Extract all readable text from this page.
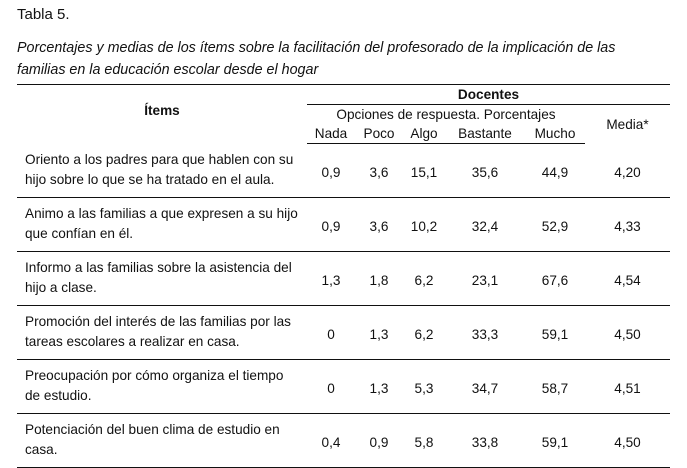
Tabla 5.
Porcentajes y medias de los ítems sobre la facilitación del profesorado de la implicación de las familias en la educación escolar desde el hogar
Ítems	Docentes					
	Opciones de respuesta. Porcentajes					Media*
	Nada	Poco	Algo	Bastante	Mucho	
Oriento a los padres para que hablen con su hijo sobre lo que se ha tratado en el aula.	0,9	3,6	15,1	35,6	44,9	4,20
Animo a las familias a que expresen a su hijo que confían en él.	0,9	3,6	10,2	32,4	52,9	4,33
Informo a las familias sobre la asistencia del hijo a clase.	1,3	1,8	6,2	23,1	67,6	4,54
Promoción del interés de las familias por las tareas escolares a realizar en casa.	0	1,3	6,2	33,3	59,1	4,50
Preocupación por cómo organiza el tiempo de estudio.	0	1,3	5,3	34,7	58,7	4,51
Potenciación del buen clima de estudio en casa.	0,4	0,9	5,8	33,8	59,1	4,50
